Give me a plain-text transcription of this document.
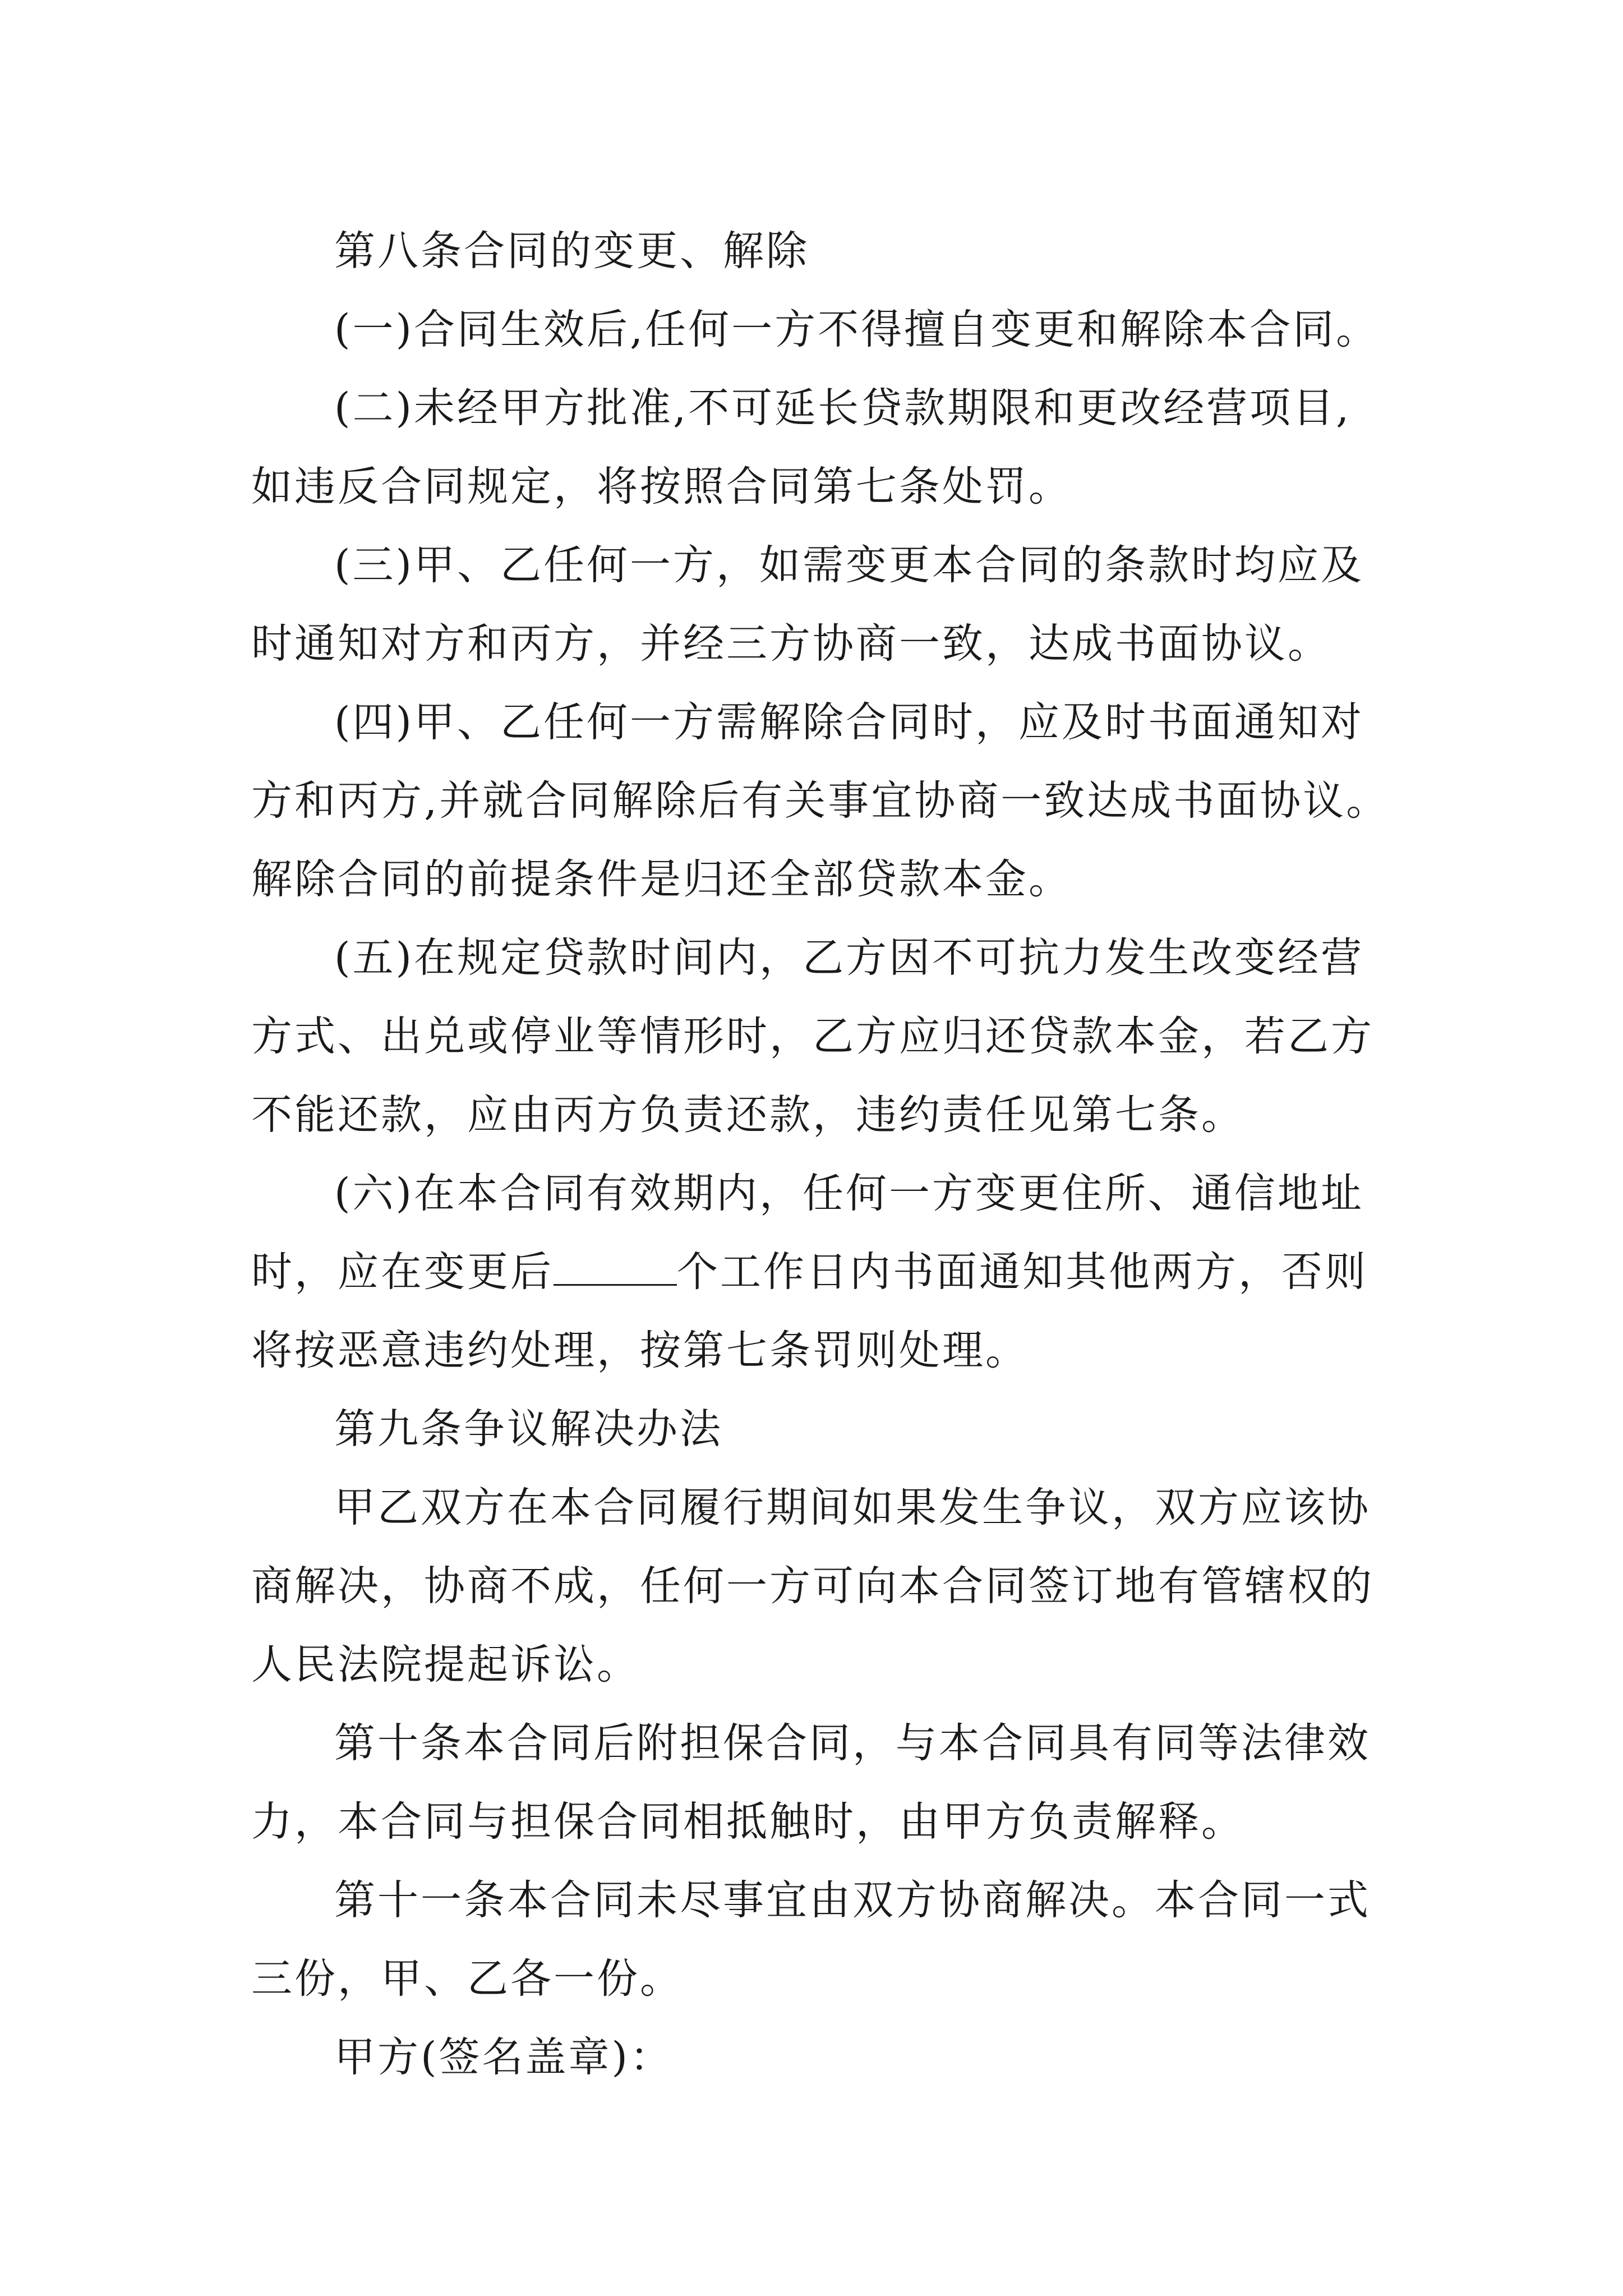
第八条合同的变更、解除
(一)合同生效后,任何一方不得擅自变更和解除本合同。
(二)未经甲方批准,不可延长贷款期限和更改经营项目,
如违反合同规定，将按照合同第七条处罚。
(三)甲、乙任何一方，如需变更本合同的条款时均应及
时通知对方和丙方，并经三方协商一致，达成书面协议。
(四)甲、乙任何一方需解除合同时，应及时书面通知对
方和丙方,并就合同解除后有关事宜协商一致达成书面协议。
解除合同的前提条件是归还全部贷款本金。
(五)在规定贷款时间内，乙方因不可抗力发生改变经营
方式、出兑或停业等情形时，乙方应归还贷款本金，若乙方
不能还款，应由丙方负责还款，违约责任见第七条。
(六)在本合同有效期内，任何一方变更住所、通信地址
时，应在变更后	个工作日内书面通知其他两方，否则
将按恶意违约处理，按第七条罚则处理。
第九条争议解决办法
甲乙双方在本合同履行期间如果发生争议，双方应该协
商解决，协商不成，任何一方可向本合同签订地有管辖权的
人民法院提起诉讼。
第十条本合同后附担保合同，与本合同具有同等法律效
力，本合同与担保合同相抵触时，由甲方负责解释。
第十一条本合同未尽事宜由双方协商解决。本合同一式
三份，甲、乙各一份。
甲方(签名盖章)：
